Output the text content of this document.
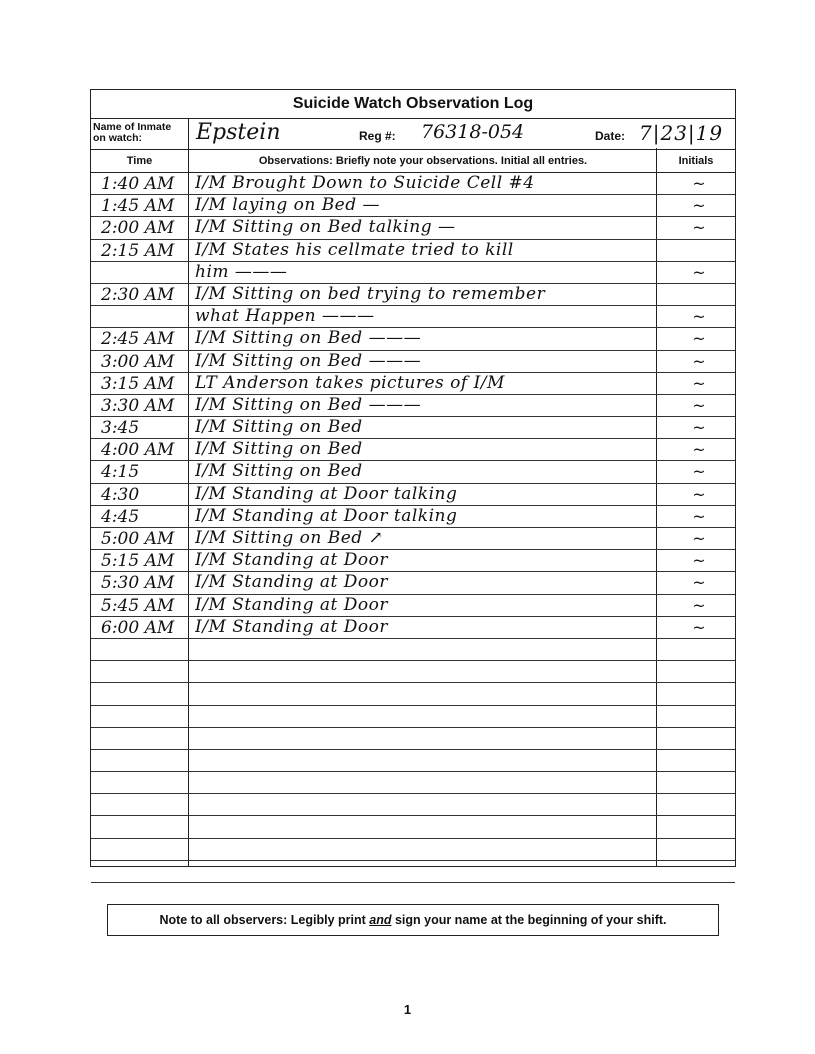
Suicide Watch Observation Log
Name of Inmate on watch:	Epstein	Reg #: 76318-054	Date: 7|23|19
Time	Observations: Briefly note your observations. Initial all entries.	Initials
1:40 AM	I/M Brought Down to Suicide Cell #4	~
1:45 AM	I/M laying on Bed —	~
2:00 AM	I/M Sitting on Bed talking —	~
2:15 AM	I/M States his cellmate tried to kill
him ———	~
2:30 AM	I/M Sitting on bed trying to remember
what Happen ———	~
2:45 AM	I/M Sitting on Bed ———	~
3:00 AM	I/M Sitting on Bed ———	~
3:15 AM	LT Anderson takes pictures of I/M	~
3:30 AM	I/M Sitting on Bed ———	~
3:45	I/M Sitting on Bed	~
4:00 AM	I/M Sitting on Bed	~
4:15	I/M Sitting on Bed	~
4:30	I/M Standing at Door talking	~
4:45	I/M Standing at Door talking	~
5:00 AM	I/M Sitting on Bed ↗	~
5:15 AM	I/M Standing at Door	~
5:30 AM	I/M Standing at Door	~
5:45 AM	I/M Standing at Door	~
6:00 AM	I/M Standing at Door	~
Note to all observers: Legibly print and sign your name at the beginning of your shift.
1
